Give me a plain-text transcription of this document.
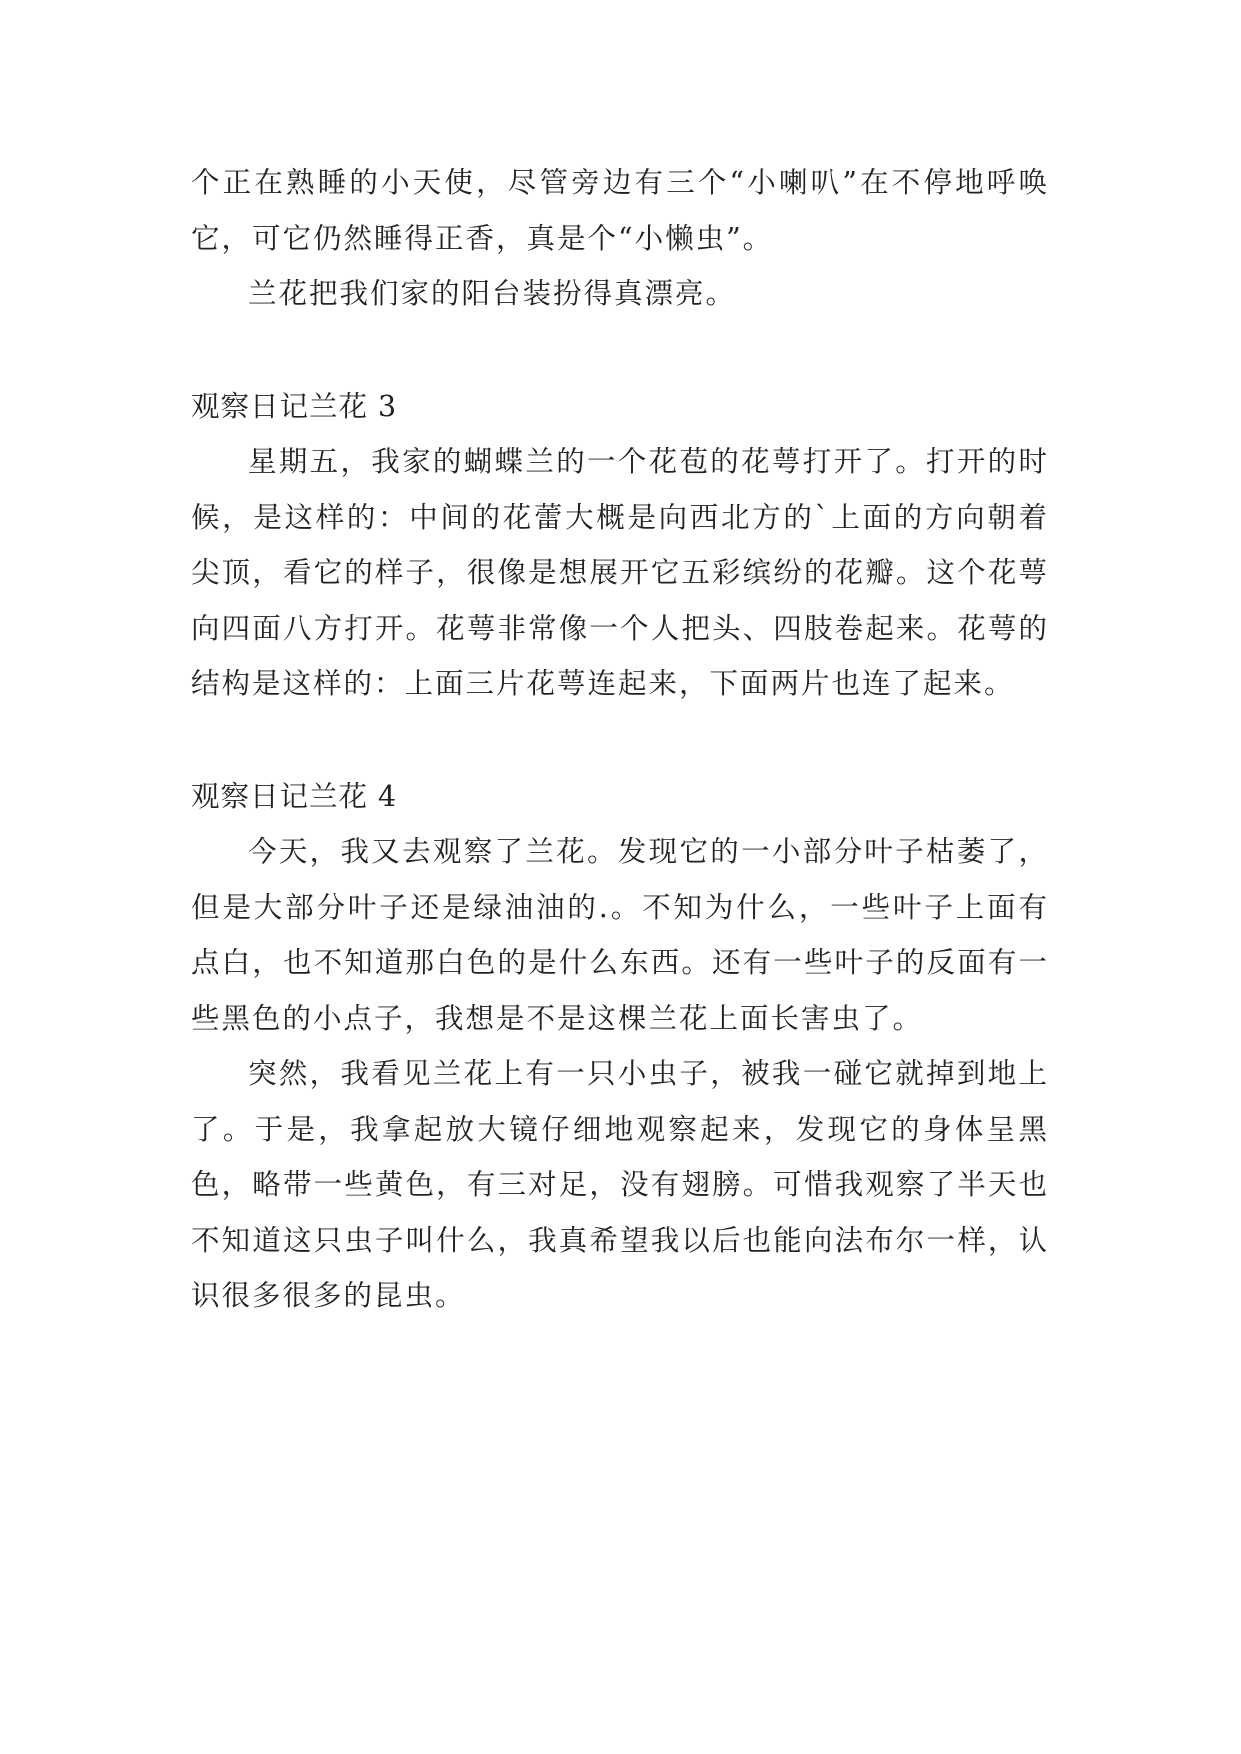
个正在熟睡的小天使，尽管旁边有三个“小喇叭”在不停地呼唤它，可它仍然睡得正香，真是个“小懒虫”。

兰花把我们家的阳台装扮得真漂亮。

观察日记兰花 3

星期五，我家的蝴蝶兰的一个花苞的花萼打开了。打开的时候，是这样的：中间的花蕾大概是向西北方的`上面的方向朝着尖顶，看它的样子，很像是想展开它五彩缤纷的花瓣。这个花萼向四面八方打开。花萼非常像一个人把头、四肢卷起来。花萼的结构是这样的：上面三片花萼连起来，下面两片也连了起来。

观察日记兰花 4

今天，我又去观察了兰花。发现它的一小部分叶子枯萎了，但是大部分叶子还是绿油油的.。不知为什么，一些叶子上面有点白，也不知道那白色的是什么东西。还有一些叶子的反面有一些黑色的小点子，我想是不是这棵兰花上面长害虫了。

突然，我看见兰花上有一只小虫子，被我一碰它就掉到地上了。于是，我拿起放大镜仔细地观察起来，发现它的身体呈黑色，略带一些黄色，有三对足，没有翅膀。可惜我观察了半天也不知道这只虫子叫什么，我真希望我以后也能向法布尔一样，认识很多很多的昆虫。
